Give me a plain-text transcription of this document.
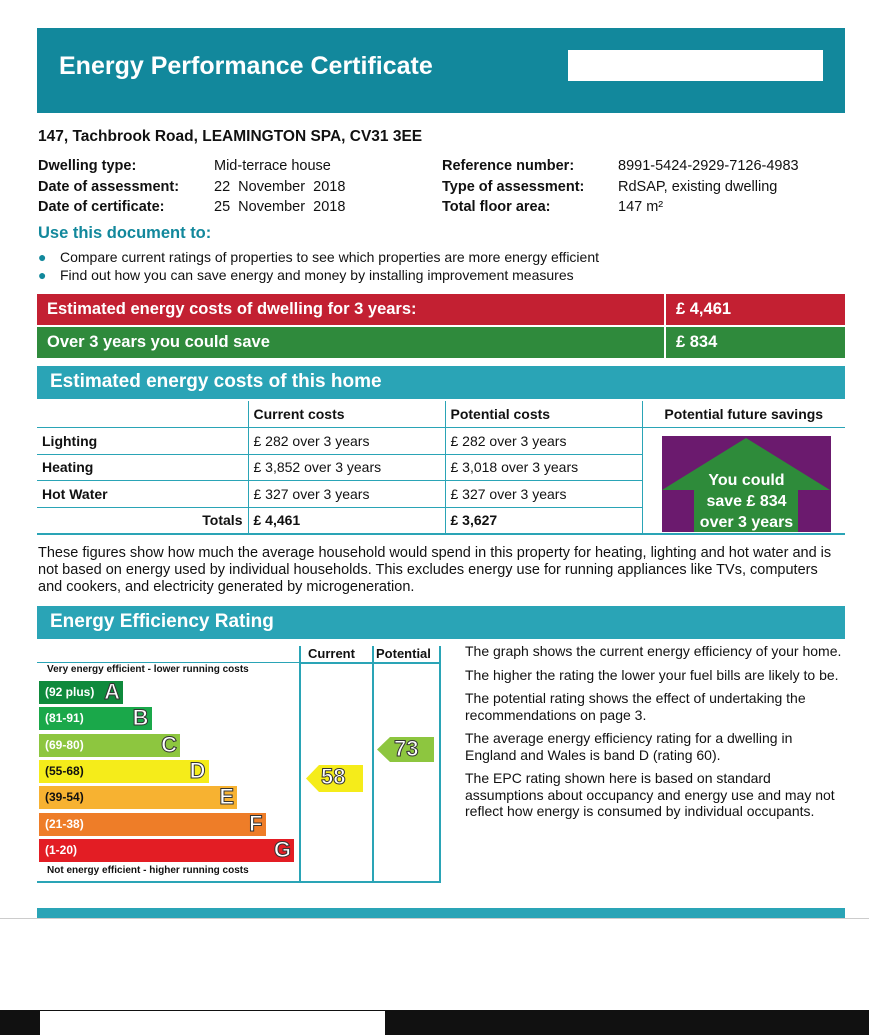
Energy Performance Certificate
147, Tachbrook Road, LEAMINGTON SPA, CV31 3EE
Dwelling type:	Mid-terrace house
Date of assessment: 22  November  2018
Date of certificate:	25  November  2018
Reference number:	8991-5424-2929-7126-4983
Type of assessment: RdSAP, existing dwelling
Total floor area:	147 m²
Use this document to:
● Compare current ratings of properties to see which properties are more energy efficient
● Find out how you can save energy and money by installing improvement measures
Estimated energy costs of dwelling for 3 years:	£ 4,461
Over 3 years you could save	£ 834
Estimated energy costs of this home
	Current costs	Potential costs	Potential future savings
Lighting	£ 282 over 3 years	£ 282 over 3 years	
Heating	£ 3,852 over 3 years	£ 3,018 over 3 years	
Hot Water	£ 327 over 3 years	£ 327 over 3 years	
Totals	£ 4,461	£ 3,627	
You could
save £ 834
over 3 years
These figures show how much the average household would spend in this property for heating, lighting and hot water and is not based on energy used by individual households. This excludes energy use for running appliances like TVs, computers and cookers, and electricity generated by microgeneration.
Energy Efficiency Rating
Current Potential
Very energy efficient - lower running costs
Not energy efficient - higher running costs
(92 plus) A
(81-91) B
(69-80)	C
(55-68)	D
(39-54)	E
(21-38)	F
(1-20)	G
58
73

The graph shows the current energy efficiency of your home.

The higher the rating the lower your fuel bills are likely to be.

The potential rating shows the effect of undertaking the recommendations on page 3.

The average energy efficiency rating for a dwelling in England and Wales is band D (rating 60).

The EPC rating shown here is based on standard assumptions about occupancy and energy use and may not reflect how energy is consumed by individual occupants.
